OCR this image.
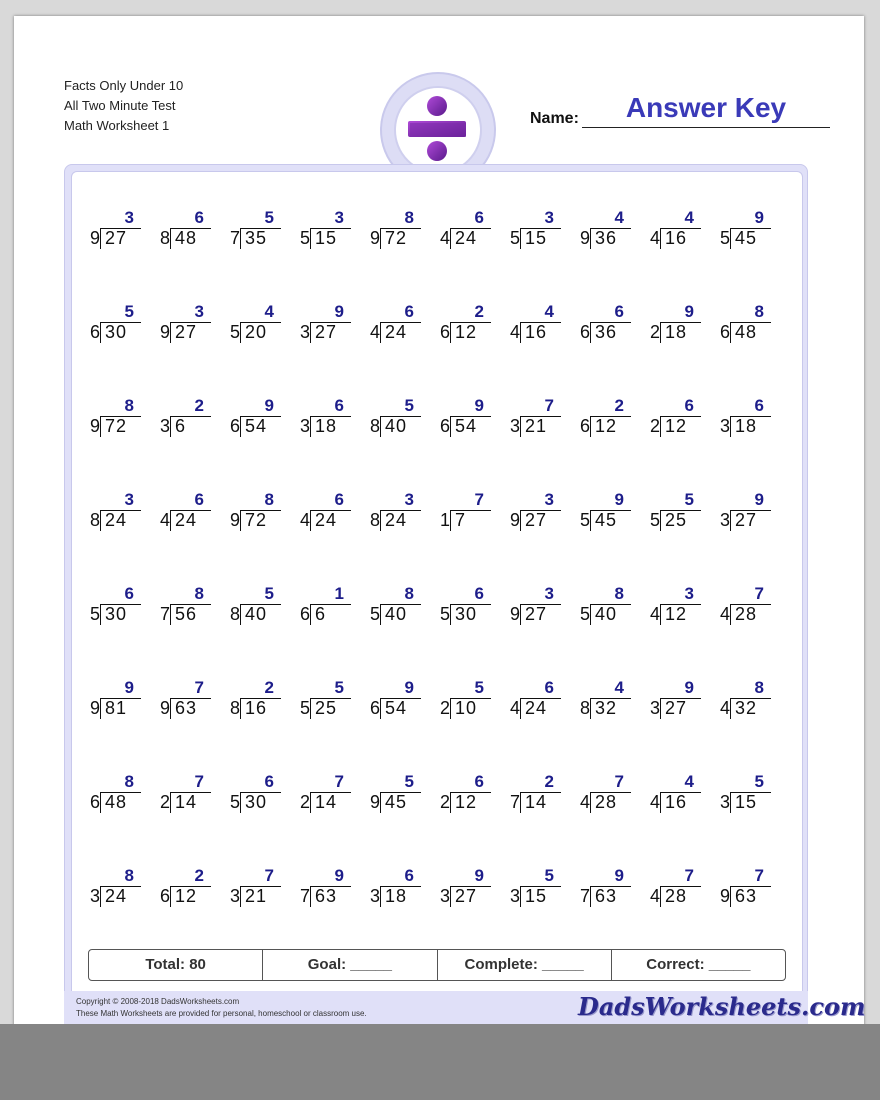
Facts Only Under 10
All Two Minute Test
Math Worksheet 1	Name:	Answer Key
3
9 27
6
8 48
5
7 35
3
5 15
8
9 72
6
4 24
3
5 15
4
9 36
4
4 16
9
5 45
5
6 30
3
9 27
4
5 20
9
3 27
6
4 24
2
6 12
4
4 16
6
6 36
9
2 18
8
6 48
8
9 72
2
3 6
9
6 54
6
3 18
5
8 40
9
6 54
7
3 21
2
6 12
6
2 12
6
3 18
3
8 24
6
4 24
8
9 72
6
4 24
3
8 24
7
1 7
3
9 27
9
5 45
5
5 25
9
3 27
6
5 30
8
7 56
5
8 40
1
6 6
8
5 40
6
5 30
3
9 27
8
5 40
3
4 12
7
4 28
9
9 81
7
9 63
2
8 16
5
5 25
9
6 54
5
2 10
6
4 24
4
8 32
9
3 27
8
4 32
8
6 48
7
2 14
6
5 30
7
2 14
5
9 45
6
2 12
2
7 14
7
4 28
4
4 16
5
3 15
8
3 24
2
6 12
7
3 21
9
7 63
6
3 18
9
3 27
5
3 15
9
7 63
7
4 28
7
9 63
Total: 80	Goal: _____	Complete: _____	Correct: _____
Copyright © 2008-2018 DadsWorksheets.com
These Math Worksheets are provided for personal, homeschool or classroom use.	DadsWorksheets.com
